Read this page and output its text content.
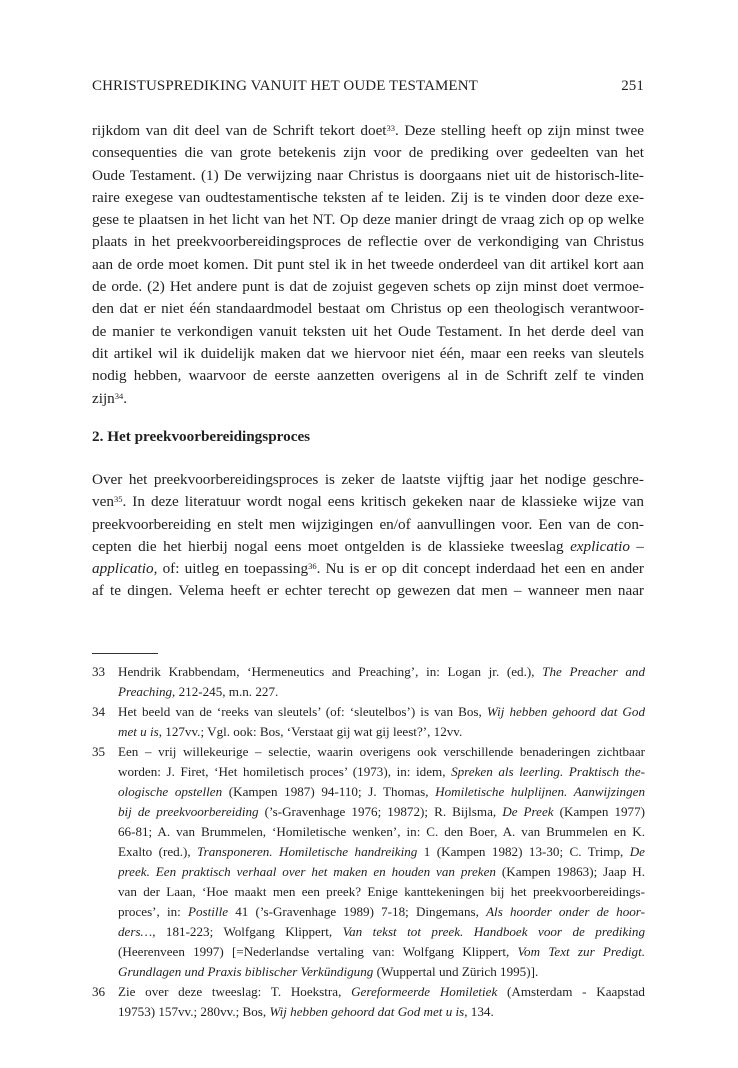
CHRISTUSPREDIKING VANUIT HET OUDE TESTAMENT	251
rijkdom van dit deel van de Schrift tekort doet$^{33}$. Deze stelling heeft op zijn minst twee
consequenties die van grote betekenis zijn voor de prediking over gedeelten van het
Oude Testament. (1) De verwijzing naar Christus is doorgaans niet uit de historisch-lite-
raire exegese van oudtestamentische teksten af te leiden. Zij is te vinden door deze exe-
gese te plaatsen in het licht van het NT. Op deze manier dringt de vraag zich op op welke
plaats in het preekvoorbereidingsproces de reflectie over de verkondiging van Christus
aan de orde moet komen. Dit punt stel ik in het tweede onderdeel van dit artikel kort aan
de orde. (2) Het andere punt is dat de zojuist gegeven schets op zijn minst doet vermoe-
den dat er niet één standaardmodel bestaat om Christus op een theologisch verantwoor-
de manier te verkondigen vanuit teksten uit het Oude Testament. In het derde deel van
dit artikel wil ik duidelijk maken dat we hiervoor niet één, maar een reeks van sleutels
nodig hebben, waarvoor de eerste aanzetten overigens al in de Schrift zelf te vinden
zijn$^{34}$.
2. Het preekvoorbereidingsproces
Over het preekvoorbereidingsproces is zeker de laatste vijftig jaar het nodige geschre-
ven$^{35}$. In deze literatuur wordt nogal eens kritisch gekeken naar de klassieke wijze van
preekvoorbereiding en stelt men wijzigingen en/of aanvullingen voor. Een van de con-
cepten die het hierbij nogal eens moet ontgelden is de klassieke tweeslag explicatio –
applicatio, of: uitleg en toepassing$^{36}$. Nu is er op dit concept inderdaad het een en ander
af te dingen. Velema heeft er echter terecht op gewezen dat men – wanneer men naar
33 Hendrik Krabbendam, ‘Hermeneutics and Preaching’, in: Logan jr. (ed.), The Preacher and
Preaching, 212-245, m.n. 227.
34 Het beeld van de ‘reeks van sleutels’ (of: ‘sleutelbos’) is van Bos, Wij hebben gehoord dat God
met u is, 127vv.; Vgl. ook: Bos, ‘Verstaat gij wat gij leest?’, 12vv.
35 Een – vrij willekeurige – selectie, waarin overigens ook verschillende benaderingen zichtbaar
worden: J. Firet, ‘Het homiletisch proces’ (1973), in: idem, Spreken als leerling. Praktisch the-
ologische opstellen (Kampen 1987) 94-110; J. Thomas, Homiletische hulplijnen. Aanwijzingen
bij de preekvoorbereiding (’s-Gravenhage 1976; 19872); R. Bijlsma, De Preek (Kampen 1977)
66-81; A. van Brummelen, ‘Homiletische wenken’, in: C. den Boer, A. van Brummelen en K.
Exalto (red.), Transponeren. Homiletische handreiking 1 (Kampen 1982) 13-30; C. Trimp, De
preek. Een praktisch verhaal over het maken en houden van preken (Kampen 19863); Jaap H.
van der Laan, ‘Hoe maakt men een preek? Enige kanttekeningen bij het preekvoorbereidings-
proces’, in: Postille 41 (’s-Gravenhage 1989) 7-18; Dingemans, Als hoorder onder de hoor-
ders…, 181-223; Wolfgang Klippert, Van tekst tot preek. Handboek voor de prediking
(Heerenveen 1997) [=Nederlandse vertaling van: Wolfgang Klippert, Vom Text zur Predigt.
Grundlagen und Praxis biblischer Verkündigung (Wuppertal und Zürich 1995)].
36 Zie over deze tweeslag: T. Hoekstra, Gereformeerde Homiletiek (Amsterdam - Kaapstad
19753) 157vv.; 280vv.; Bos, Wij hebben gehoord dat God met u is, 134.
